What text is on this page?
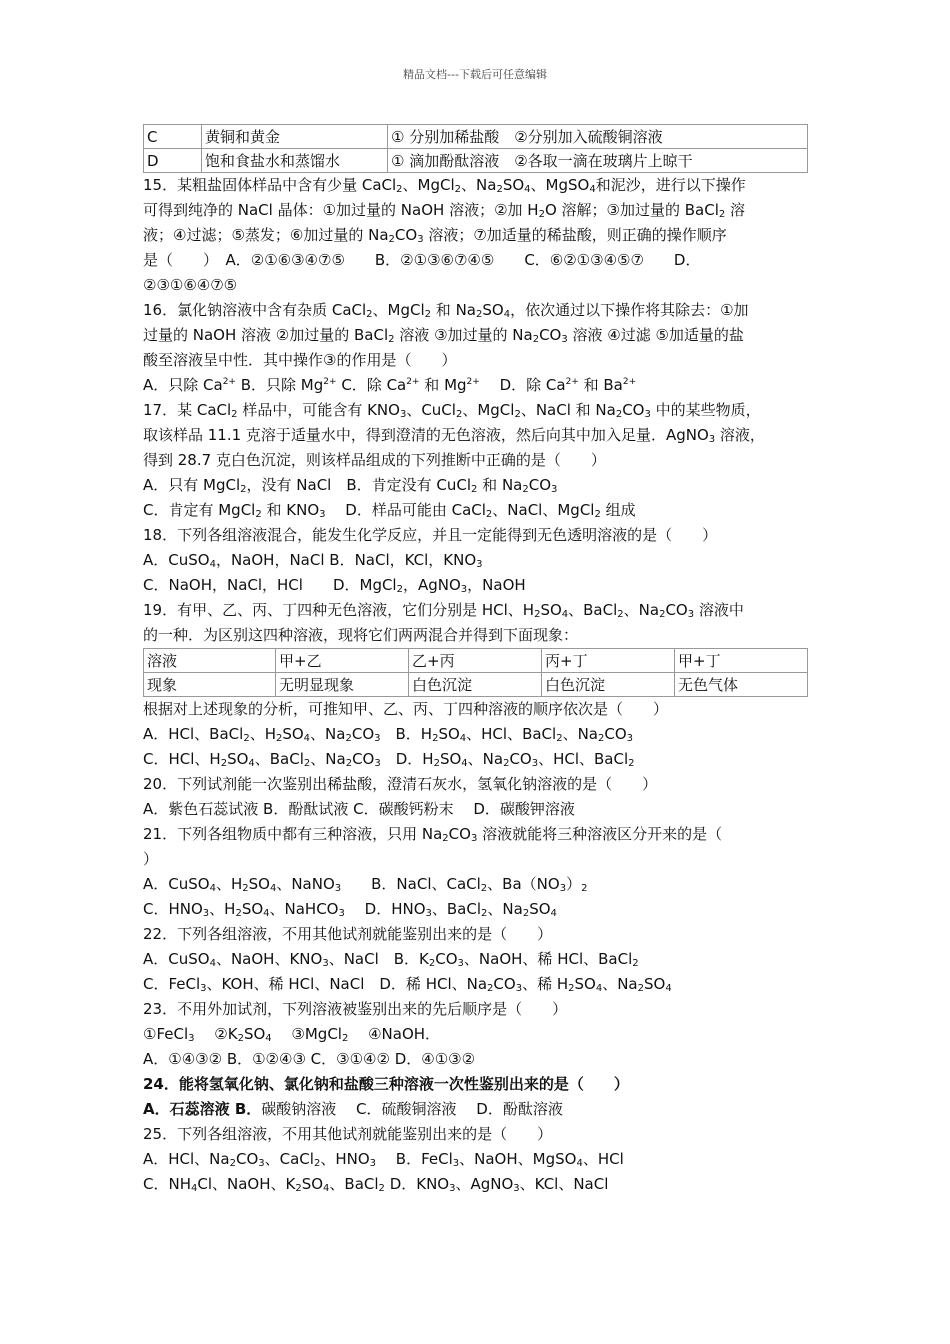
精品文档---下载后可任意编辑
C	黄铜和黄金	① 分别加稀盐酸　②分别加入硫酸铜溶液
D	饱和食盐水和蒸馏水	① 滴加酚酞溶液　②各取一滴在玻璃片上晾干
15．某粗盐固体样品中含有少量 CaCl$_2$、MgCl$_2$、$Na_2SO_4$、MgSO$_4$和泥沙，进行以下操作
可得到纯净的 NaCl 晶体：①加过量的 NaOH 溶液；②加 $H_2O$ 溶解；③加过量的 BaCl$_2$ 溶
液；④过滤；⑤蒸发；⑥加过量的 $Na_2CO_3$ 溶液；⑦加适量的稀盐酸，则正确的操作顺序
是（　　）　A．②①⑥③④⑦⑤　　B．②①③⑥⑦④⑤　　C．⑥②①③④⑤⑦　　D．
②③①⑥④⑦⑤
16．氯化钠溶液中含有杂质 CaCl$_2$、MgCl$_2$ 和 $Na_2SO_4$，依次通过以下操作将其除去：①加
过量的 NaOH 溶液 ②加过量的 BaCl$_2$ 溶液 ③加过量的 $Na_2CO_3$ 溶液 ④过滤 ⑤加适量的盐
酸至溶液呈中性．其中操作③的作用是（　　）
A．只除 $Ca^{2+}$ B．只除 $Mg^{2+}$ C．除 $Ca^{2+}$ 和 $Mg^{2+}$　 D．除 $Ca^{2+}$ 和 $Ba^{2+}$
17．某 CaCl$_2$ 样品中，可能含有 $KNO_3$、CuCl$_2$、MgCl$_2$、NaCl 和 $Na_2CO_3$ 中的某些物质，
取该样品 11.1 克溶于适量水中，得到澄清的无色溶液，然后向其中加入足量．AgNO$_3$ 溶液，
得到 28.7 克白色沉淀，则该样品组成的下列推断中正确的是（　　）
A．只有 MgCl$_2$，没有 NaCl　B．肯定没有 CuCl$_2$ 和 $Na_2CO_3$
C．肯定有 MgCl$_2$ 和 $KNO_3$　 D．样品可能由 CaCl$_2$、NaCl、MgCl$_2$ 组成
18．下列各组溶液混合，能发生化学反应，并且一定能得到无色透明溶液的是（　　）
A．CuSO$_4$，NaOH，NaCl B．NaCl，KCl，$KNO_3$
C．NaOH，NaCl，HCl　　D．MgCl$_2$，AgNO$_3$，NaOH
19．有甲、乙、丙、丁四种无色溶液，它们分别是 HCl、$H_2SO_4$、BaCl$_2$、$Na_2CO_3$ 溶液中
的一种．为区别这四种溶液，现将它们两两混合并得到下面现象：
溶液	甲+乙	乙+丙	丙+丁	甲+丁
现象	无明显现象	白色沉淀	白色沉淀	无色气体
根据对上述现象的分析，可推知甲、乙、丙、丁四种溶液的顺序依次是（　　）
A．HCl、BaCl$_2$、$H_2SO_4$、$Na_2CO_3$　B．$H_2SO_4$、HCl、BaCl$_2$、$Na_2CO_3$
C．HCl、$H_2SO_4$、BaCl$_2$、$Na_2CO_3$　D．$H_2SO_4$、$Na_2CO_3$、HCl、BaCl$_2$
20．下列试剂能一次鉴别出稀盐酸，澄清石灰水，氢氧化钠溶液的是（　　）
A．紫色石蕊试液 B．酚酞试液 C．碳酸钙粉末　 D．碳酸钾溶液
21．下列各组物质中都有三种溶液，只用 $Na_2CO_3$ 溶液就能将三种溶液区分开来的是（
）
A．CuSO$_4$、$H_2SO_4$、NaNO$_3$　　B．NaCl、CaCl$_2$、$Ba(NO_3)_2$
C．$HNO_3$、$H_2SO_4$、NaHCO$_3$　 D．$HNO_3$、BaCl$_2$、$Na_2SO_4$
22．下列各组溶液，不用其他试剂就能鉴别出来的是（　　）
A．CuSO$_4$、NaOH、$KNO_3$、NaCl　B．$K_2CO_3$、NaOH、稀 HCl、BaCl$_2$
C．FeCl$_3$、KOH、稀 HCl、NaCl　D．稀 HCl、$Na_2CO_3$、稀 $H_2SO_4$、$Na_2SO_4$
23．不用外加试剂，下列溶液被鉴别出来的先后顺序是（　　）
①FeCl$_3$　 $②K_2SO_4$　 ③MgCl$_2$　 ④NaOH．
A．①④③② B．①②④③ C．③①④② D．④①③②
24．能将氢氧化钠、氯化钠和盐酸三种溶液一次性鉴别出来的是（　　）
A．石蕊溶液 B．碳酸钠溶液　 C．硫酸铜溶液　 D．酚酞溶液
25．下列各组溶液，不用其他试剂就能鉴别出来的是（　　）
A．HCl、$Na_2CO_3$、CaCl$_2$、$HNO_3$　 B．FeCl$_3$、NaOH、MgSO$_4$、HCl
C．$NH_4Cl$、NaOH、$K_2SO_4$、BaCl$_2$ D．$KNO_3$、AgNO$_3$、KCl、NaCl
